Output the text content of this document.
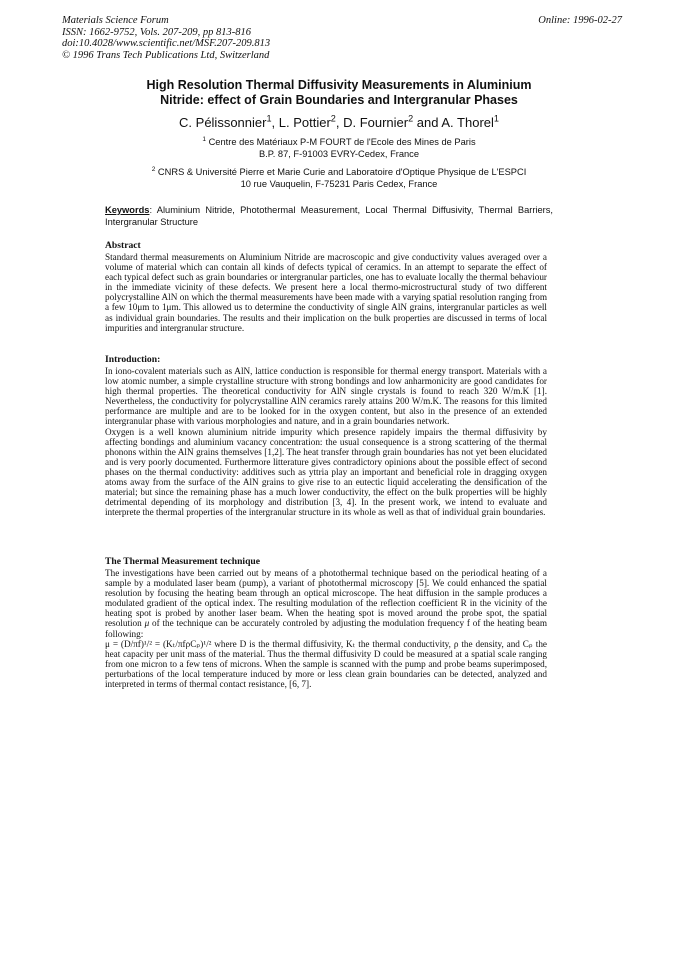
Materials Science Forum
ISSN: 1662-9752, Vols. 207-209, pp 813-816
doi:10.4028/www.scientific.net/MSF.207-209.813
© 1996 Trans Tech Publications Ltd, Switzerland
Online: 1996-02-27
High Resolution Thermal Diffusivity Measurements in Aluminium
Nitride: effect of Grain Boundaries and Intergranular Phases
C. Pélissonnier$^1$, L. Pottier$^2$, D. Fournier$^2$ and A. Thorel$^1$
$^1$ Centre des Matériaux P-M FOURT de l'Ecole des Mines de Paris
B.P. 87, F-91003 EVRY-Cedex, France
$^2$ CNRS & Université Pierre et Marie Curie and Laboratoire d'Optique Physique de L'ESPCI
10 rue Vauquelin, F-75231 Paris Cedex, France
Keywords: Aluminium Nitride, Photothermal Measurement, Local Thermal Diffusivity, Thermal Barriers, Intergranular Structure
Abstract

Standard thermal measurements on Aluminium Nitride are macroscopic and give conductivity values averaged over a volume of material which can contain all kinds of defects typical of ceramics. In an attempt to separate the effect of each typical defect such as grain boundaries or intergranular particles, one has to evaluate locally the thermal behaviour in the immediate vicinity of these defects. We present here a local thermo-microstructural study of two different polycrystalline AlN on which the thermal measurements have been made with a varying spatial resolution ranging from a few 10μm to 1μm. This allowed us to determine the conductivity of single AlN grains, intergranular particles as well as individual grain boundaries. The results and their implication on the bulk properties are discussed in terms of local impurities and intergranular structure.

Introduction:

In iono-covalent materials such as AlN, lattice conduction is responsible for thermal energy transport. Materials with a low atomic number, a simple crystalline structure with strong bondings and low anharmonicity are good candidates for high thermal properties. The theoretical conductivity for AlN single crystals is found to reach 320 W/m.K [1]. Nevertheless, the conductivity for polycrystalline AlN ceramics rarely attains 200 W/m.K. The reasons for this limited performance are multiple and are to be looked for in the oxygen content, but also in the presence of an extended intergranular phase with various morphologies and nature, and in a grain boundaries network.

Oxygen is a well known aluminium nitride impurity which presence rapidely impairs the thermal diffusivity by affecting bondings and aluminium vacancy concentration: the usual consequence is a strong scattering of the thermal phonons within the AlN grains themselves [1,2]. The heat transfer through grain boundaries has not yet been elucidated and is very poorly documented. Furthermore litterature gives contradictory opinions about the possible effect of second phases on the thermal conductivity: additives such as yttria play an important and beneficial role in dragging oxygen atoms away from the surface of the AlN grains to give rise to an eutectic liquid accelerating the densification of the material; but since the remaining phase has a much lower conductivity, the effect on the bulk properties will be highly detrimental depending of its morphology and distribution [3, 4]. In the present work, we intend to evaluate and interprete the thermal properties of the intergranular structure in its whole as well as that of individual grain boundaries.

The Thermal Measurement technique

The investigations have been carried out by means of a photothermal technique based on the periodical heating of a sample by a modulated laser beam (pump), a variant of photothermal microscopy [5]. We could enhanced the spatial resolution by focusing the heating beam through an optical microscope. The heat diffusion in the sample produces a modulated gradient of the optical index. The resulting modulation of the reflection coefficient R in the vicinity of the heating spot is probed by another laser beam. When the heating spot is moved around the probe spot, the spatial resolution μ of the technique can be accurately controled by adjusting the modulation frequency f of the heating beam following:

μ = (D/πf)¹/² = (Kₜ/πfρCₚ)¹/² where D is the thermal diffusivity, Kₜ the thermal conductivity, ρ the density, and Cₚ the heat capacity per unit mass of the material. Thus the thermal diffusivity D could be measured at a spatial scale ranging from one micron to a few tens of microns. When the sample is scanned with the pump and probe beams superimposed, perturbations of the local temperature induced by more or less clean grain boundaries can be detected, analyzed and interpreted in terms of thermal contact resistance, [6, 7].
